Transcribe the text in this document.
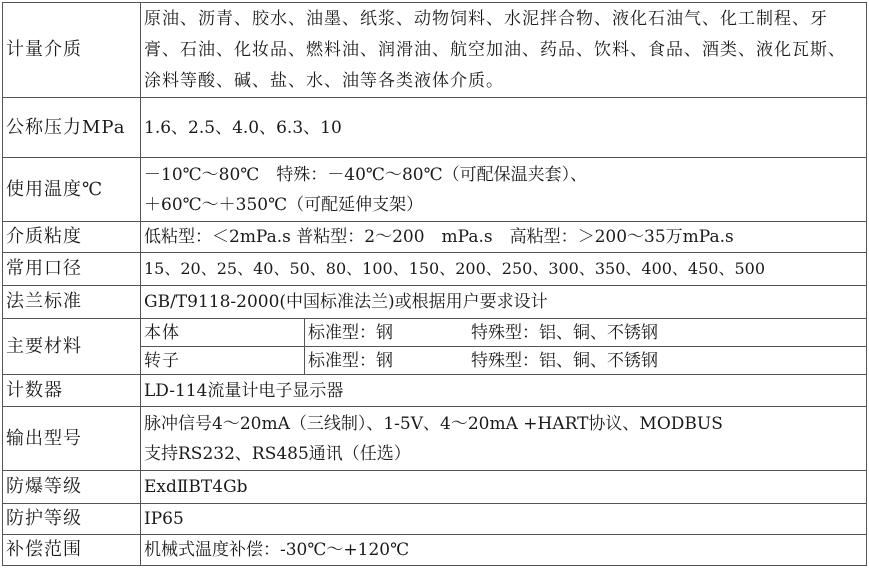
计量介质	原油、沥青、胶水、油墨、纸浆、动物饲料、水泥拌合物、液化石油气、化工制程、牙膏、石油、化妆品、燃料油、润滑油、航空加油、药品、饮料、食品、酒类、液化瓦斯、涂料等酸、碱、盐、水、油等各类液体介质。	
公称压力MPa	1.6、2.5、4.0、6.3、10	
使用温度℃	－10℃～80℃　特殊：－40℃～80℃（可配保温夹套）、
＋60℃～＋350℃（可配延伸支架）	

介质粘度	低粘型：＜2mPa.s 普粘型：2～200　mPa.s　高粘型：＞200～35万mPa.s	
常用口径	15、20、25、40、50、80、100、150、200、250、300、350、400、450、500	
法兰标准	GB/T9118-2000(中国标准法兰)或根据用户要求设计	
主要材料	本体	标准型：钢 特殊型：铝、铜、不锈钢
	转子	标准型：钢 特殊型：铝、铜、不锈钢
计数器	LD-114流量计电子显示器	
输出型号	脉冲信号4～20mA（三线制）、1-5V、4～20mA +HART协议、MODBUS
支持RS232、RS485通讯（任选）	

防爆等级	ExdⅡBT4Gb	
防护等级	IP65	
补偿范围	机械式温度补偿：-30℃～+120℃	
